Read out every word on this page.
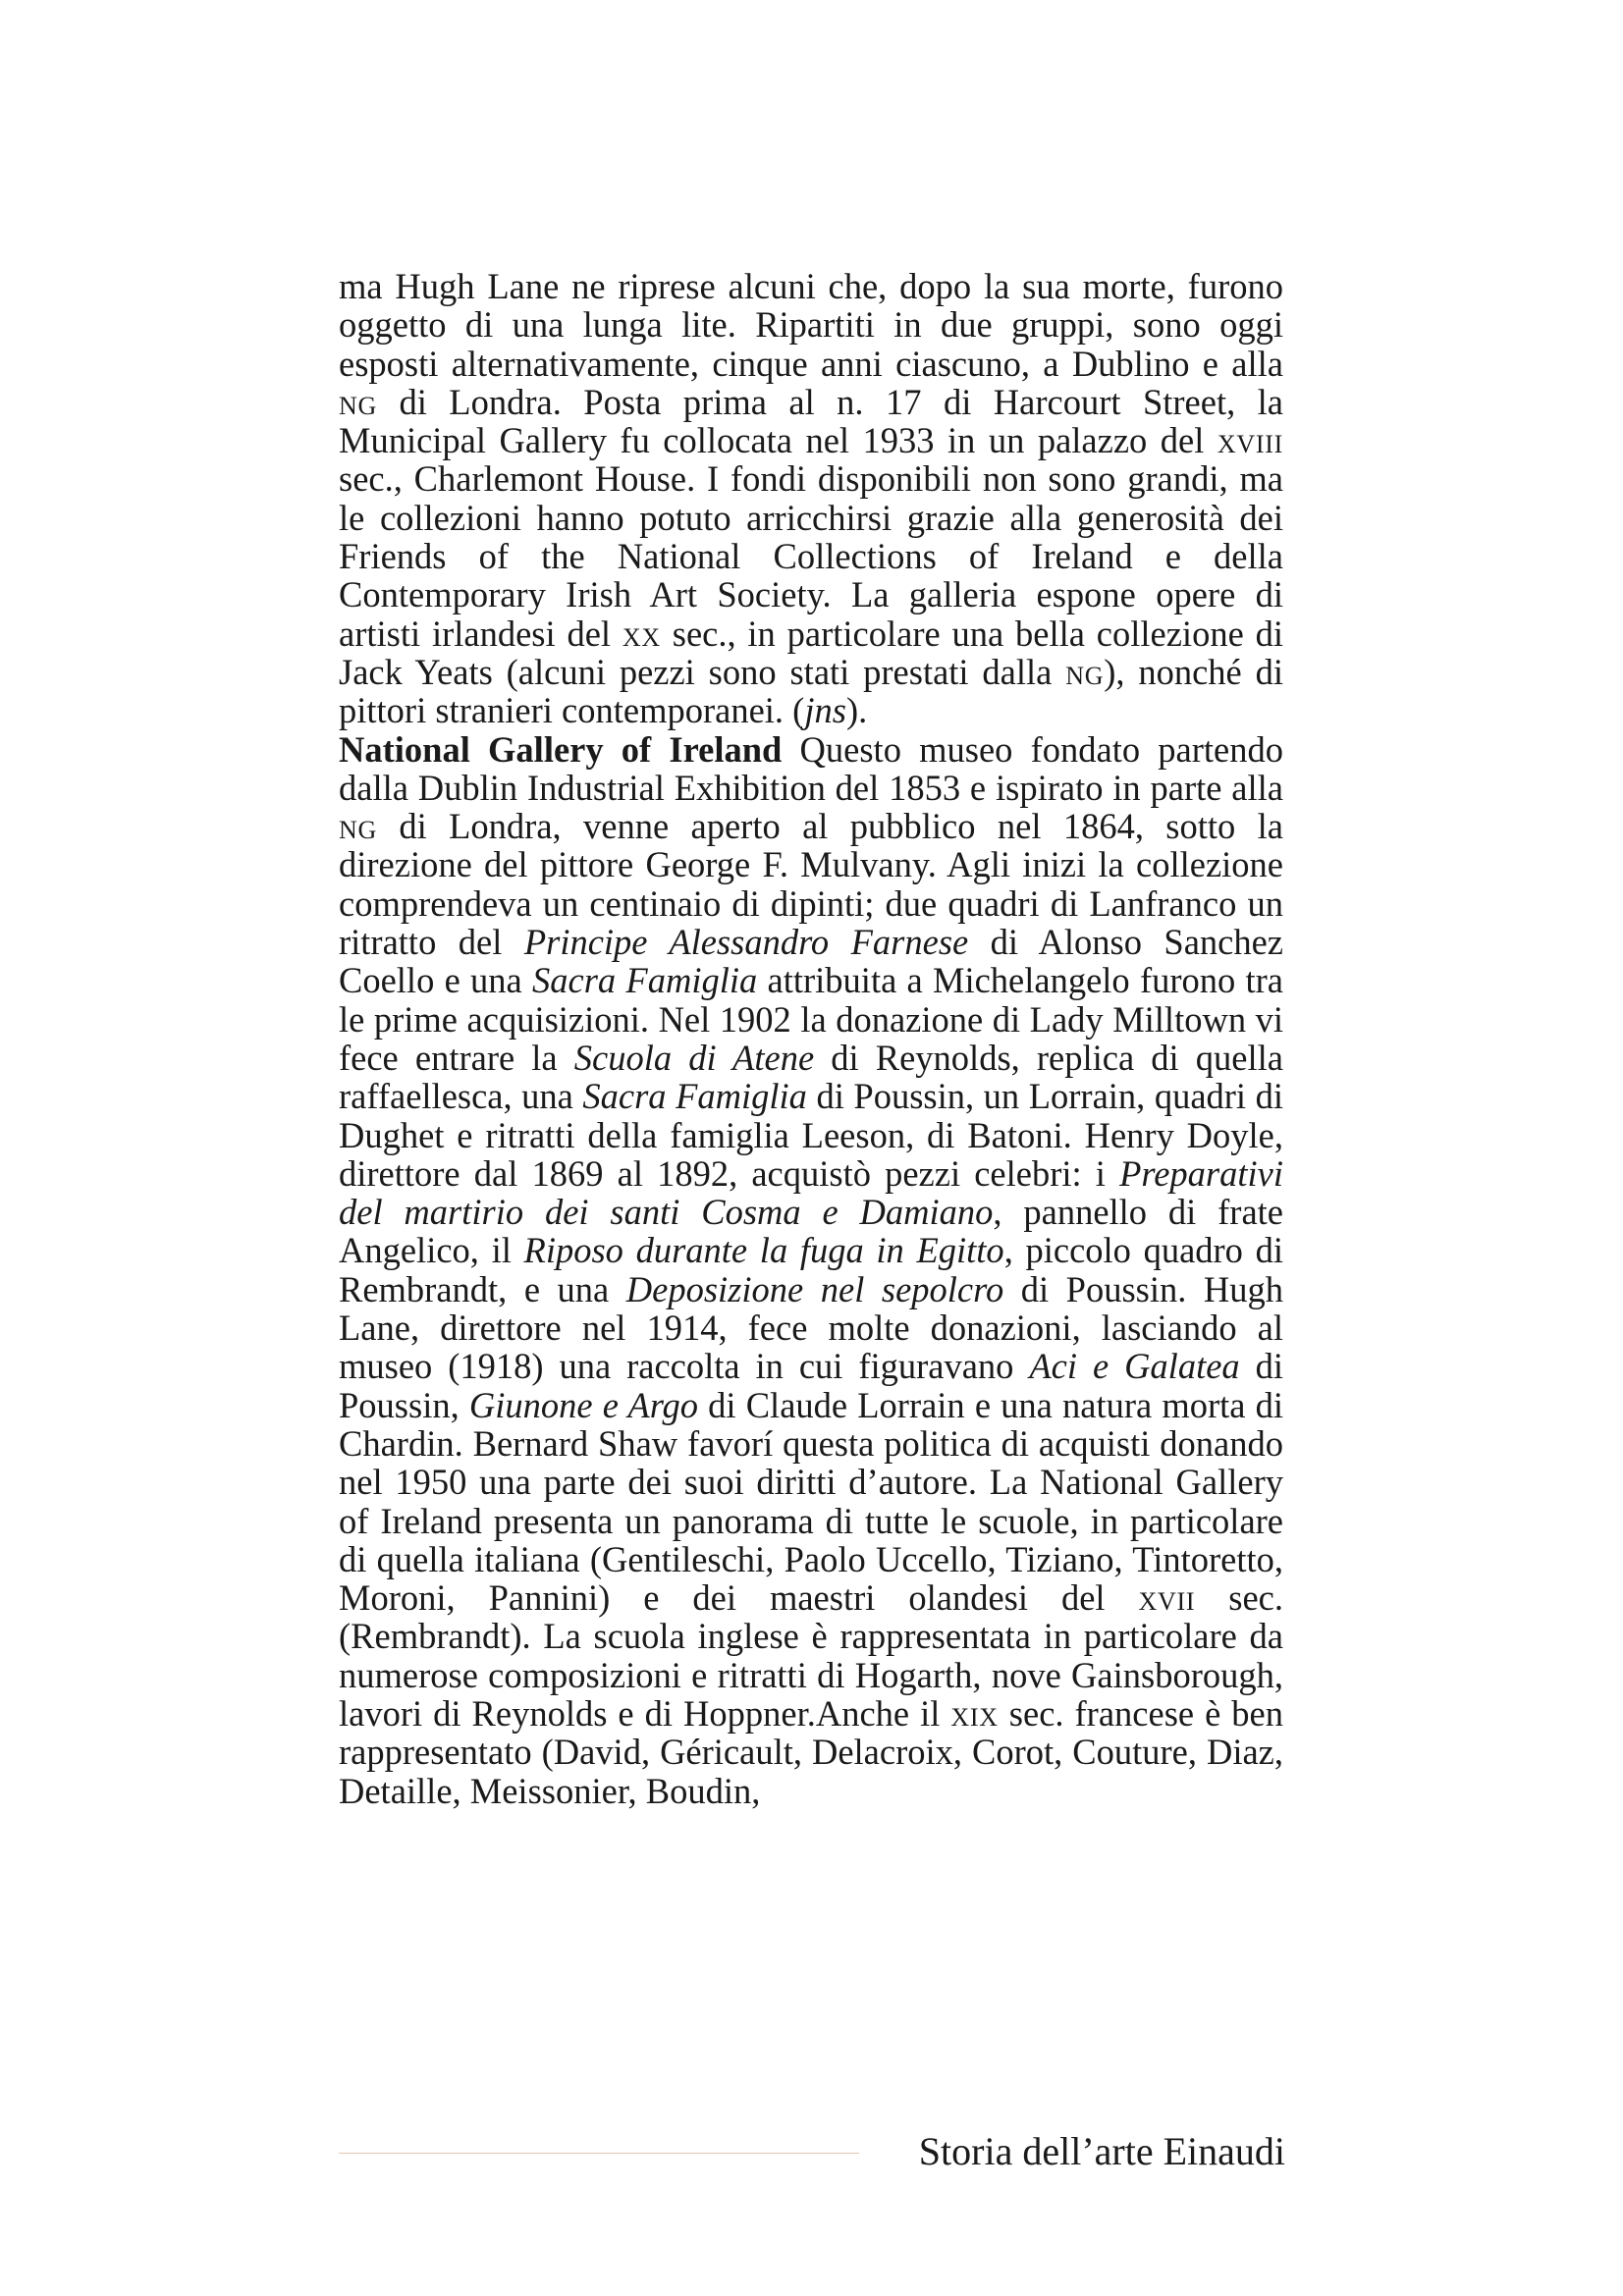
ma Hugh Lane ne riprese alcuni che, dopo la sua morte, furono oggetto di una lunga lite. Ripartiti in due gruppi, sono oggi esposti alternativamente, cinque anni ciascuno, a Dublino e alla ng di Londra. Posta prima al n. 17 di Harcourt Street, la Municipal Gallery fu collocata nel 1933 in un palazzo del xviii sec., Charlemont House. I fondi disponibili non sono grandi, ma le collezioni hanno potuto arricchirsi grazie alla generosità dei Friends of the National Collections of Ireland e della Contemporary Irish Art Society. La galleria espone opere di artisti irlandesi del xx sec., in particolare una bella collezione di Jack Yeats (alcuni pezzi sono stati prestati dalla ng), nonché di pittori stranieri contemporanei. (jns).

National Gallery of Ireland Questo museo fondato partendo dalla Dublin Industrial Exhibition del 1853 e ispirato in parte alla ng di Londra, venne aperto al pubblico nel 1864, sotto la direzione del pittore George F. Mulvany. Agli inizi la collezione comprendeva un centinaio di dipinti; due quadri di Lanfranco un ritratto del Principe Alessandro Farnese di Alonso Sanchez Coello e una Sacra Famiglia attribuita a Michelangelo furono tra le prime acquisizioni. Nel 1902 la donazione di Lady Milltown vi fece entrare la Scuola di Atene di Reynolds, replica di quella raffaellesca, una Sacra Famiglia di Poussin, un Lorrain, quadri di Dughet e ritratti della famiglia Leeson, di Batoni. Henry Doyle, direttore dal 1869 al 1892, acquistò pezzi celebri: i Preparativi del martirio dei santi Cosma e Damiano, pannello di frate Angelico, il Riposo durante la fuga in Egitto, piccolo quadro di Rembrandt, e una Deposizione nel sepolcro di Poussin. Hugh Lane, direttore nel 1914, fece molte donazioni, lasciando al museo (1918) una raccolta in cui figuravano Aci e Galatea di Poussin, Giunone e Argo di Claude Lorrain e una natura morta di Chardin. Bernard Shaw favorí questa politica di acquisti donando nel 1950 una parte dei suoi diritti d’autore. La National Gallery of Ireland presenta un panorama di tutte le scuole, in particolare di quella italiana (Gentileschi, Paolo Uccello, Tiziano, Tintoretto, Moroni, Pannini) e dei maestri olandesi del xvii sec. (Rembrandt). La scuola inglese è rappresentata in particolare da numerose composizioni e ritratti di Hogarth, nove Gainsborough, lavori di Reynolds e di Hoppner.Anche il xix sec. francese è ben rappresentato (David, Géricault, Delacroix, Corot, Couture, Diaz, Detaille, Meissonier, Boudin,

Storia dell’arte Einaudi
